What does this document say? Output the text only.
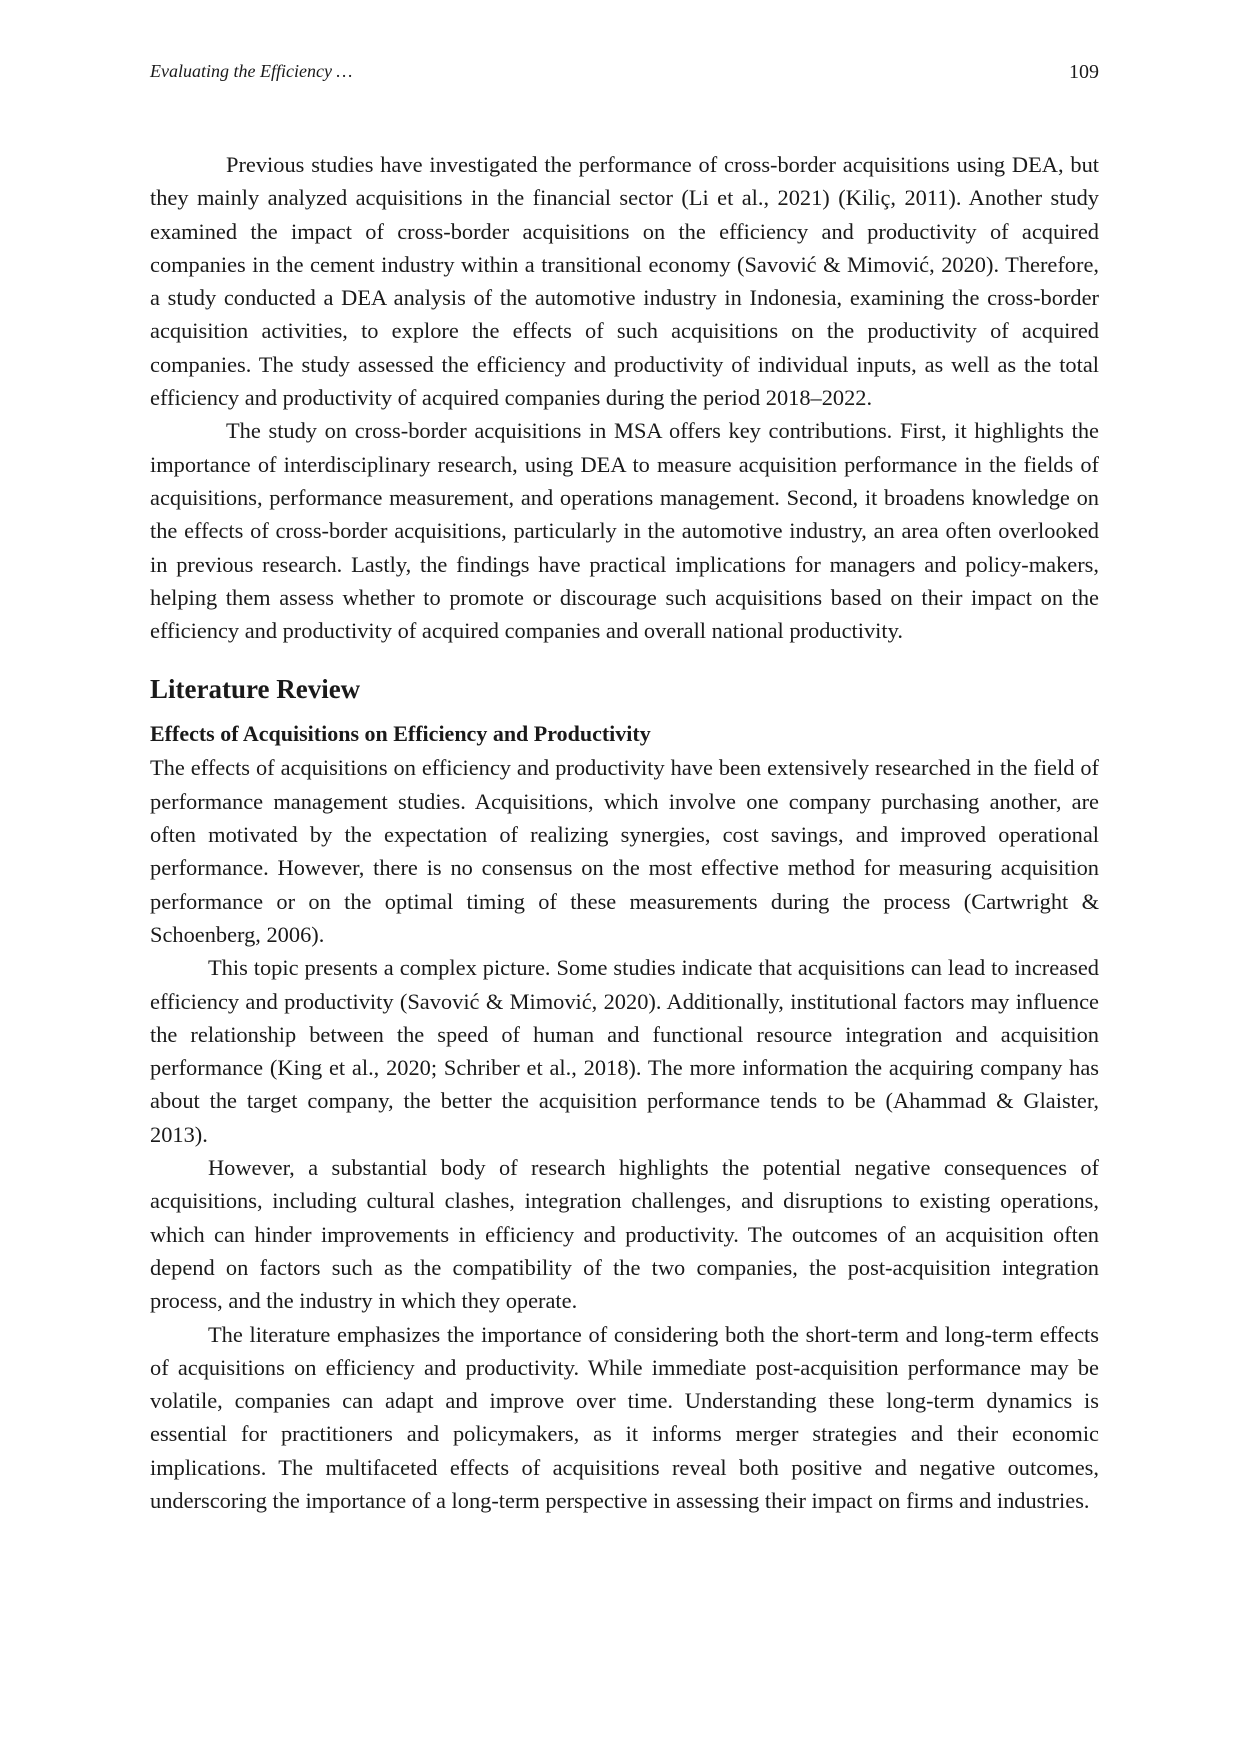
Evaluating the Efficiency …	109

Previous studies have investigated the performance of cross-border acquisitions using DEA, but they mainly analyzed acquisitions in the financial sector (Li et al., 2021) (Kiliç, 2011). Another study examined the impact of cross-border acquisitions on the efficiency and productivity of acquired companies in the cement industry within a transitional economy (Savović & Mimović, 2020). Therefore, a study conducted a DEA analysis of the automotive industry in Indonesia, examining the cross-border acquisition activities, to explore the effects of such acquisitions on the productivity of acquired companies. The study assessed the efficiency and productivity of individual inputs, as well as the total efficiency and productivity of acquired companies during the period 2018–2022.

The study on cross-border acquisitions in MSA offers key contributions. First, it highlights the importance of interdisciplinary research, using DEA to measure acquisition performance in the fields of acquisitions, performance measurement, and operations management. Second, it broadens knowledge on the effects of cross-border acquisitions, particularly in the automotive industry, an area often overlooked in previous research. Lastly, the findings have practical implications for managers and policy-makers, helping them assess whether to promote or discourage such acquisitions based on their impact on the efficiency and productivity of acquired companies and overall national productivity.

Literature Review
Effects of Acquisitions on Efficiency and Productivity

The effects of acquisitions on efficiency and productivity have been extensively researched in the field of performance management studies. Acquisitions, which involve one company purchasing another, are often motivated by the expectation of realizing synergies, cost savings, and improved operational performance. However, there is no consensus on the most effective method for measuring acquisition performance or on the optimal timing of these measurements during the process (Cartwright & Schoenberg, 2006).

This topic presents a complex picture. Some studies indicate that acquisitions can lead to increased efficiency and productivity (Savović & Mimović, 2020). Additionally, institutional factors may influence the relationship between the speed of human and functional resource integration and acquisition performance (King et al., 2020; Schriber et al., 2018). The more information the acquiring company has about the target company, the better the acquisition performance tends to be (Ahammad & Glaister, 2013).

However, a substantial body of research highlights the potential negative consequences of acquisitions, including cultural clashes, integration challenges, and disruptions to existing operations, which can hinder improvements in efficiency and productivity. The outcomes of an acquisition often depend on factors such as the compatibility of the two companies, the post-acquisition integration process, and the industry in which they operate.

The literature emphasizes the importance of considering both the short-term and long-term effects of acquisitions on efficiency and productivity. While immediate post-acquisition performance may be volatile, companies can adapt and improve over time. Understanding these long-term dynamics is essential for practitioners and policymakers, as it informs merger strategies and their economic implications. The multifaceted effects of acquisitions reveal both positive and negative outcomes, underscoring the importance of a long-term perspective in assessing their impact on firms and industries.
